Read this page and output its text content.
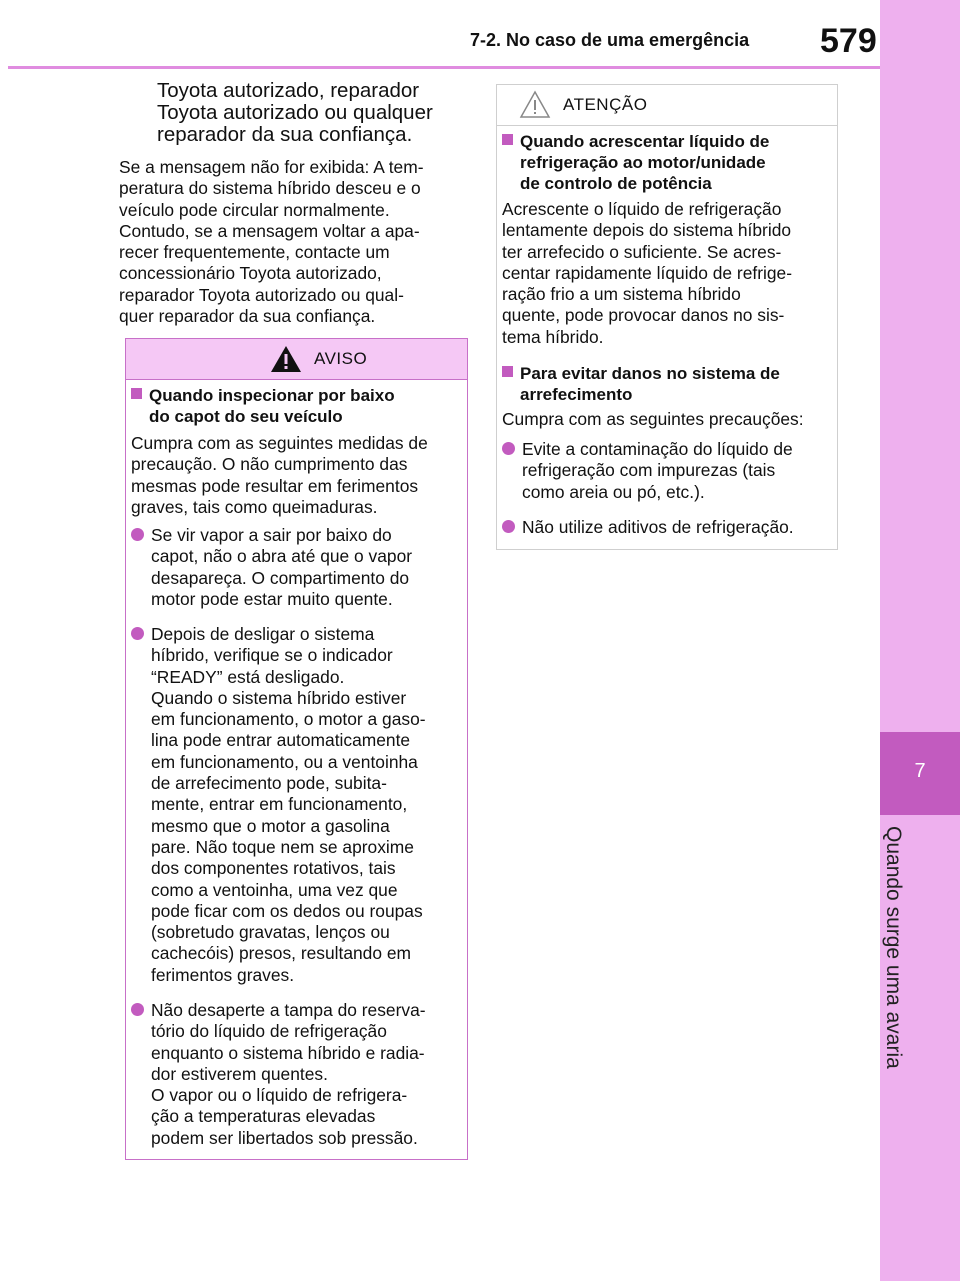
7-2. No caso de uma emergência 579
7
Quando surge uma avaria
Toyota autorizado, reparador
Toyota autorizado ou qualquer
reparador da sua confiança.
Se a mensagem não for exibida: A tem-
peratura do sistema híbrido desceu e o
veículo pode circular normalmente.
Contudo, se a mensagem voltar a apa-
recer frequentemente, contacte um
concessionário Toyota autorizado,
reparador Toyota autorizado ou qual-
quer reparador da sua confiança.
AVISO
Quando inspecionar por baixo
do capot do seu veículo
Cumpra com as seguintes medidas de
precaução. O não cumprimento das
mesmas pode resultar em ferimentos
graves, tais como queimaduras.
Se vir vapor a sair por baixo do
capot, não o abra até que o vapor
desapareça. O compartimento do
motor pode estar muito quente.
Depois de desligar o sistema
híbrido, verifique se o indicador
“READY” está desligado.
Quando o sistema híbrido estiver
em funcionamento, o motor a gaso-
lina pode entrar automaticamente
em funcionamento, ou a ventoinha
de arrefecimento pode, subita-
mente, entrar em funcionamento,
mesmo que o motor a gasolina
pare. Não toque nem se aproxime
dos componentes rotativos, tais
como a ventoinha, uma vez que
pode ficar com os dedos ou roupas
(sobretudo gravatas, lenços ou
cachecóis) presos, resultando em
ferimentos graves.
Não desaperte a tampa do reserva-
tório do líquido de refrigeração
enquanto o sistema híbrido e radia-
dor estiverem quentes.
O vapor ou o líquido de refrigera-
ção a temperaturas elevadas
podem ser libertados sob pressão.
ATENÇÃO
Quando acrescentar líquido de
refrigeração ao motor/unidade
de controlo de potência
Acrescente o líquido de refrigeração
lentamente depois do sistema híbrido
ter arrefecido o suficiente. Se acres-
centar rapidamente líquido de refrige-
ração frio a um sistema híbrido
quente, pode provocar danos no sis-
tema híbrido.
Para evitar danos no sistema de
arrefecimento
Cumpra com as seguintes precauções:
Evite a contaminação do líquido de
refrigeração com impurezas (tais
como areia ou pó, etc.).
Não utilize aditivos de refrigeração.
